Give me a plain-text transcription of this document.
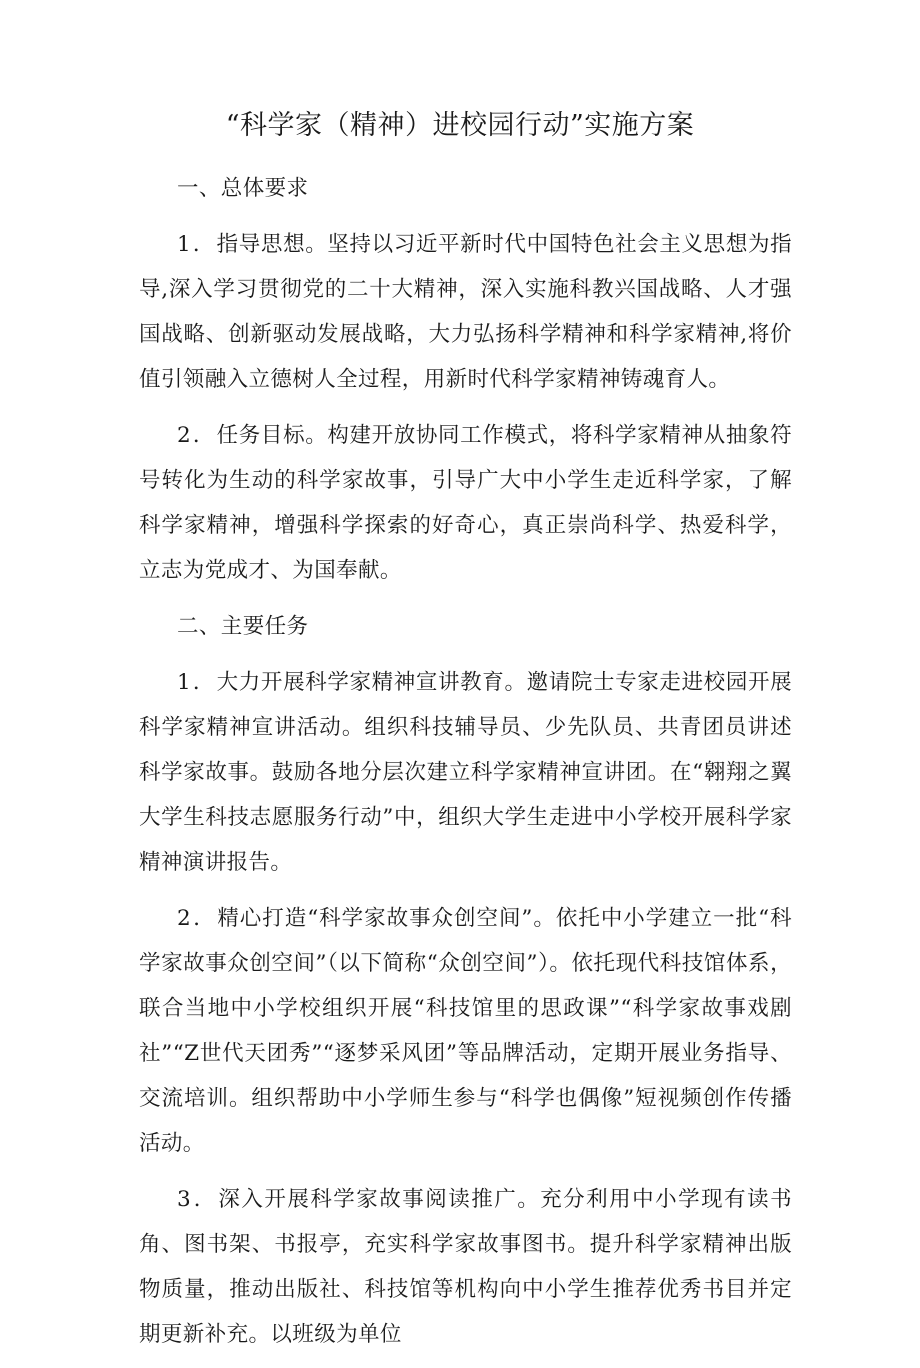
“科学家（精神）进校园行动”实施方案

一、总体要求

1．指导思想。坚持以习近平新时代中国特色社会主义思想为指导,深入学习贯彻党的二十大精神，深入实施科教兴国战略、人才强国战略、创新驱动发展战略，大力弘扬科学精神和科学家精神,将价值引领融入立德树人全过程，用新时代科学家精神铸魂育人。

2．任务目标。构建开放协同工作模式，将科学家精神从抽象符号转化为生动的科学家故事，引导广大中小学生走近科学家，了解科学家精神，增强科学探索的好奇心，真正崇尚科学、热爱科学，立志为党成才、为国奉献。

二、主要任务

1．大力开展科学家精神宣讲教育。邀请院士专家走进校园开展科学家精神宣讲活动。组织科技辅导员、少先队员、共青团员讲述科学家故事。鼓励各地分层次建立科学家精神宣讲团。在“翱翔之翼大学生科技志愿服务行动”中，组织大学生走进中小学校开展科学家精神演讲报告。

2．精心打造“科学家故事众创空间”。依托中小学建立一批“科学家故事众创空间”（以下简称“众创空间”）。依托现代科技馆体系，联合当地中小学校组织开展“科技馆里的思政课”“科学家故事戏剧社”“Z世代天团秀”“逐梦采风团”等品牌活动，定期开展业务指导、交流培训。组织帮助中小学师生参与“科学也偶像”短视频创作传播活动。

3．深入开展科学家故事阅读推广。充分利用中小学现有读书角、图书架、书报亭，充实科学家故事图书。提升科学家精神出版物质量，推动出版社、科技馆等机构向中小学生推荐优秀书目并定期更新补充。以班级为单位
